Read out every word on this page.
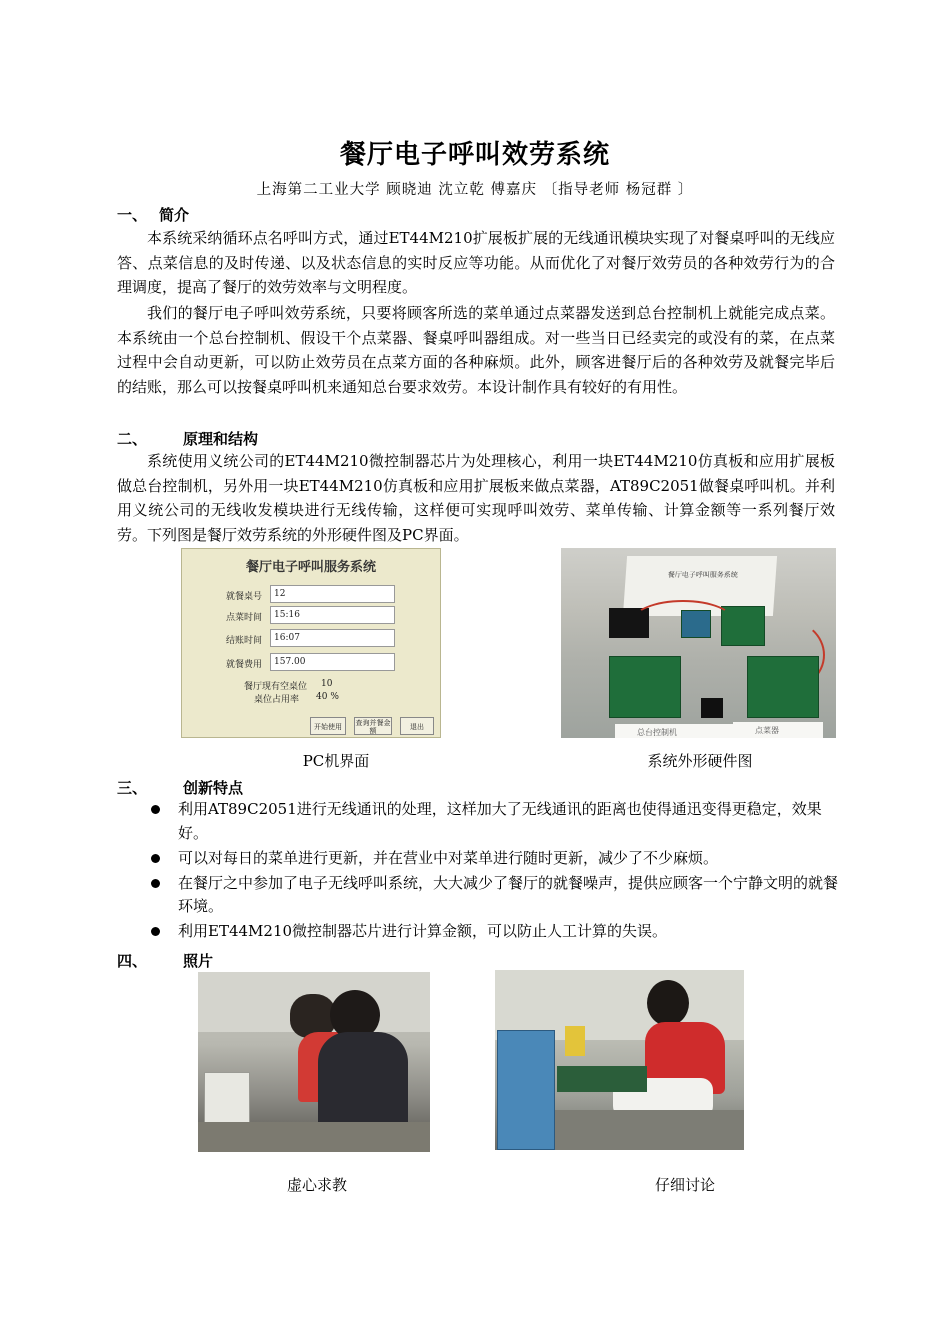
餐厅电子呼叫效劳系统
上海第二工业大学 顾晓迪 沈立乾 傅嘉庆 〔指导老师 杨冠群 〕
一、 简介
本系统采纳循环点名呼叫方式，通过ET44M210扩展板扩展的无线通讯模块实现了对餐桌呼叫的无线应答、点菜信息的及时传递、以及状态信息的实时反应等功能。从而优化了对餐厅效劳员的各种效劳行为的合理调度，提高了餐厅的效劳效率与文明程度。
我们的餐厅电子呼叫效劳系统，只要将顾客所选的菜单通过点菜器发送到总台控制机上就能完成点菜。本系统由一个总台控制机、假设干个点菜器、餐桌呼叫器组成。对一些当日已经卖完的或没有的菜，在点菜过程中会自动更新，可以防止效劳员在点菜方面的各种麻烦。此外，顾客进餐厅后的各种效劳及就餐完毕后的结账，那么可以按餐桌呼叫机来通知总台要求效劳。本设计制作具有较好的有用性。
二、 原理和结构
系统使用义统公司的ET44M210微控制器芯片为处理核心，利用一块ET44M210仿真板和应用扩展板做总台控制机，另外用一块ET44M210仿真板和应用扩展板来做点菜器，AT89C2051做餐桌呼叫机。并利用义统公司的无线收发模块进行无线传输，这样便可实现呼叫效劳、菜单传输、计算金额等一系列餐厅效劳。下列图是餐厅效劳系统的外形硬件图及PC界面。
餐厅电子呼叫服务系统
就餐桌号	12
点菜时间	15:16
结账时间	16:07
就餐费用	157.00
餐厅现有空桌位 10
桌位占用率 40 %
开始使用	查询并餐金额	退出
餐厅电子呼叫服务系统
总台控制机	点菜器
PC机界面	系统外形硬件图
三、 创新特点
利用AT89C2051进行无线通讯的处理，这样加大了无线通讯的距离也使得通迅变得更稳定，效果好。
可以对每日的菜单进行更新，并在营业中对菜单进行随时更新，减少了不少麻烦。
在餐厅之中参加了电子无线呼叫系统，大大减少了餐厅的就餐噪声，提供应顾客一个宁静文明的就餐环境。
利用ET44M210微控制器芯片进行计算金额，可以防止人工计算的失误。
四、 照片
虚心求教	仔细讨论
